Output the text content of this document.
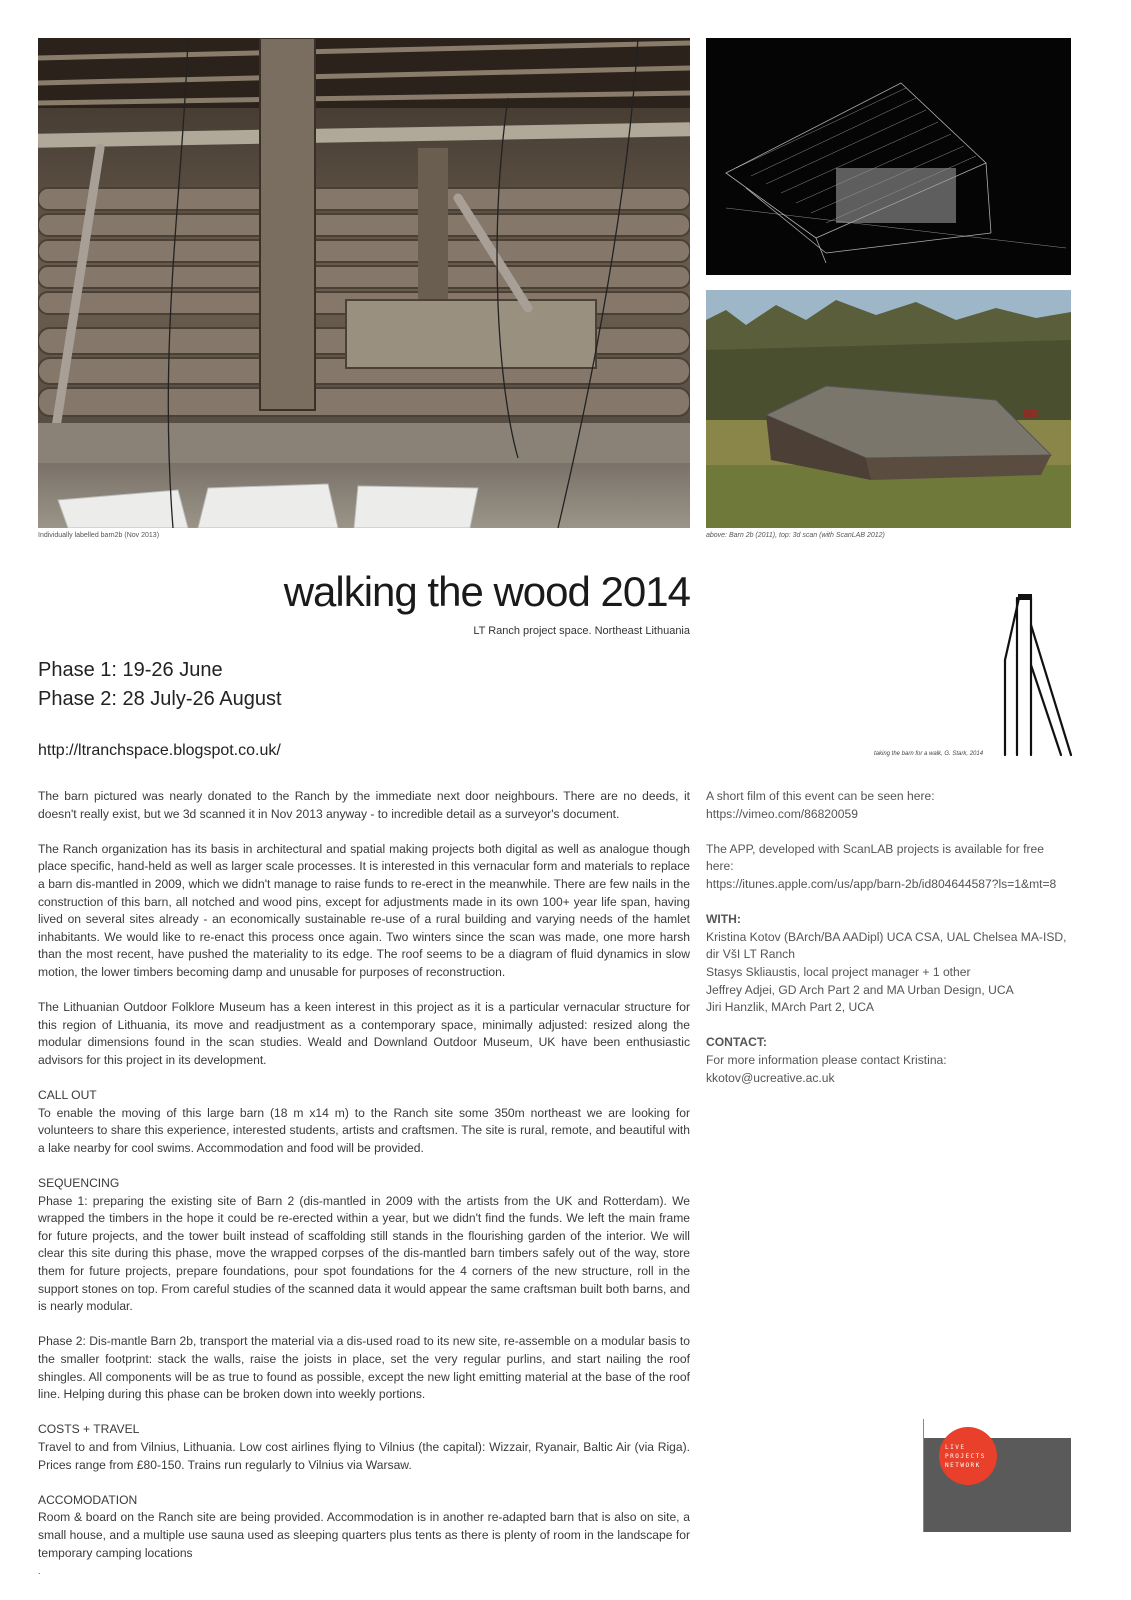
Individually labelled barn2b (Nov 2013)	above: Barn 2b (2011), top: 3d scan (with ScanLAB 2012)
walking the wood 2014
LT Ranch project space. Northeast Lithuania
Phase 1: 19-26 June
Phase 2: 28 July-26 August
http://ltranchspace.blogspot.co.uk/	taking the barn for a walk, G. Stark, 2014

The barn pictured was nearly donated to the Ranch by the immediate next door neighbours. There are no deeds, it doesn't really exist, but we 3d scanned it in Nov 2013 anyway - to incredible detail as a surveyor's document.

The Ranch organization has its basis in architectural and spatial making projects both digital as well as analogue though place specific, hand-held as well as larger scale processes. It is interested in this vernacular form and materials to replace a barn dis-mantled in 2009, which we didn't manage to raise funds to re-erect in the meanwhile. There are few nails in the construction of this barn, all notched and wood pins, except for adjustments made in its own 100+ year life span, having lived on several sites already - an economically sustainable re-use of a rural building and varying needs of the hamlet inhabitants. We would like to re-enact this process once again. Two winters since the scan was made, one more harsh than the most recent, have pushed the materiality to its edge. The roof seems to be a diagram of fluid dynamics in slow motion, the lower timbers becoming damp and unusable for purposes of reconstruction.

The Lithuanian Outdoor Folklore Museum has a keen interest in this project as it is a particular vernacular structure for this region of Lithuania, its move and readjustment as a contemporary space, minimally adjusted: resized along the modular dimensions found in the scan studies. Weald and Downland Outdoor Museum, UK have been enthusiastic advisors for this project in its development.

CALL OUT

To enable the moving of this large barn (18 m x14 m) to the Ranch site some 350m northeast we are looking for volunteers to share this experience, interested students, artists and craftsmen. The site is rural, remote, and beautiful with a lake nearby for cool swims. Accommodation and food will be provided.

SEQUENCING

Phase 1: preparing the existing site of Barn 2 (dis-mantled in 2009 with the artists from the UK and Rotterdam). We wrapped the timbers in the hope it could be re-erected within a year, but we didn't find the funds. We left the main frame for future projects, and the tower built instead of scaffolding still stands in the flourishing garden of the interior. We will clear this site during this phase, move the wrapped corpses of the dis-mantled barn timbers safely out of the way, store them for future projects, prepare foundations, pour spot foundations for the 4 corners of the new structure, roll in the support stones on top. From careful studies of the scanned data it would appear the same craftsman built both barns, and is nearly modular.

Phase 2: Dis-mantle Barn 2b, transport the material via a dis-used road to its new site, re-assemble on a modular basis to the smaller footprint: stack the walls, raise the joists in place, set the very regular purlins, and start nailing the roof shingles. All components will be as true to found as possible, except the new light emitting material at the base of the roof line. Helping during this phase can be broken down into weekly portions.

COSTS + TRAVEL

Travel to and from Vilnius, Lithuania. Low cost airlines flying to Vilnius (the capital): Wizzair, Ryanair, Baltic Air (via Riga). Prices range from £80-150. Trains run regularly to Vilnius via Warsaw.

ACCOMODATION
Room & board on the Ranch site are being provided. Accommodation is in another re-adapted barn that is also on site, a small house, and a multiple use sauna used as sleeping quarters plus tents as there is plenty of room in the landscape for temporary camping locations
.
A short film of this event can be seen here:

https://vimeo.com/86820059

The APP, developed with ScanLAB projects is available for free here:

https://itunes.apple.com/us/app/barn-2b/id804644587?ls=1&mt=8

WITH:
Kristina Kotov (BArch/BA AADipl) UCA CSA, UAL Chelsea MA-ISD, dir VšI LT Ranch
Stasys Skliaustis, local project manager + 1 other
Jeffrey Adjei, GD Arch Part 2 and MA Urban Design, UCA

Jiri Hanzlik, MArch Part 2, UCA

CONTACT:
For more information please contact Kristina:
kkotov@ucreative.ac.uk
LIVE
PROJECTS
NETWORK
